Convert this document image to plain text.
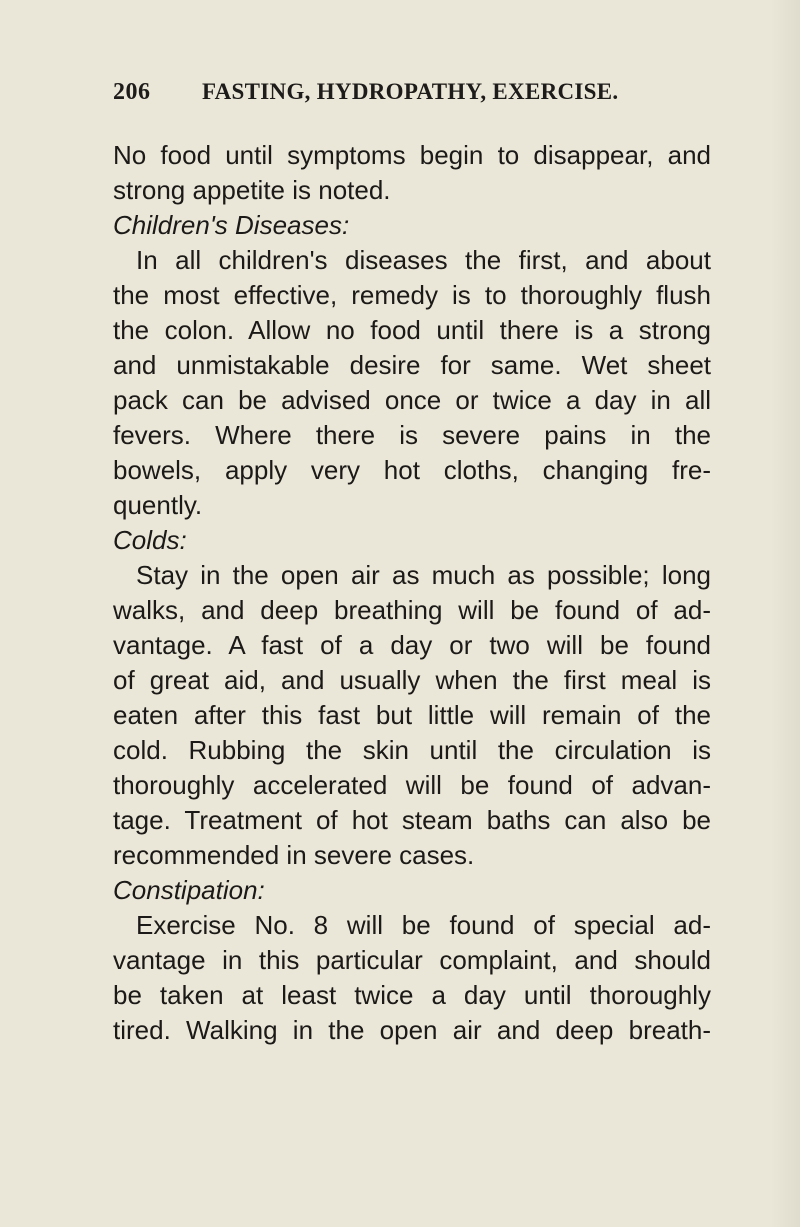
206 FASTING, HYDROPATHY, EXERCISE.
No food until symptoms begin to disappear, and
strong appetite is noted.
Children's Diseases:
In all children's diseases the first, and about
the most effective, remedy is to thoroughly flush
the colon. Allow no food until there is a strong
and unmistakable desire for same. Wet sheet
pack can be advised once or twice a day in all
fevers. Where there is severe pains in the
bowels, apply very hot cloths, changing fre-
quently.
Colds:
Stay in the open air as much as possible; long
walks, and deep breathing will be found of ad-
vantage. A fast of a day or two will be found
of great aid, and usually when the first meal is
eaten after this fast but little will remain of the
cold. Rubbing the skin until the circulation is
thoroughly accelerated will be found of advan-
tage. Treatment of hot steam baths can also be
recommended in severe cases.
Constipation:
Exercise No. 8 will be found of special ad-
vantage in this particular complaint, and should
be taken at least twice a day until thoroughly
tired. Walking in the open air and deep breath-
